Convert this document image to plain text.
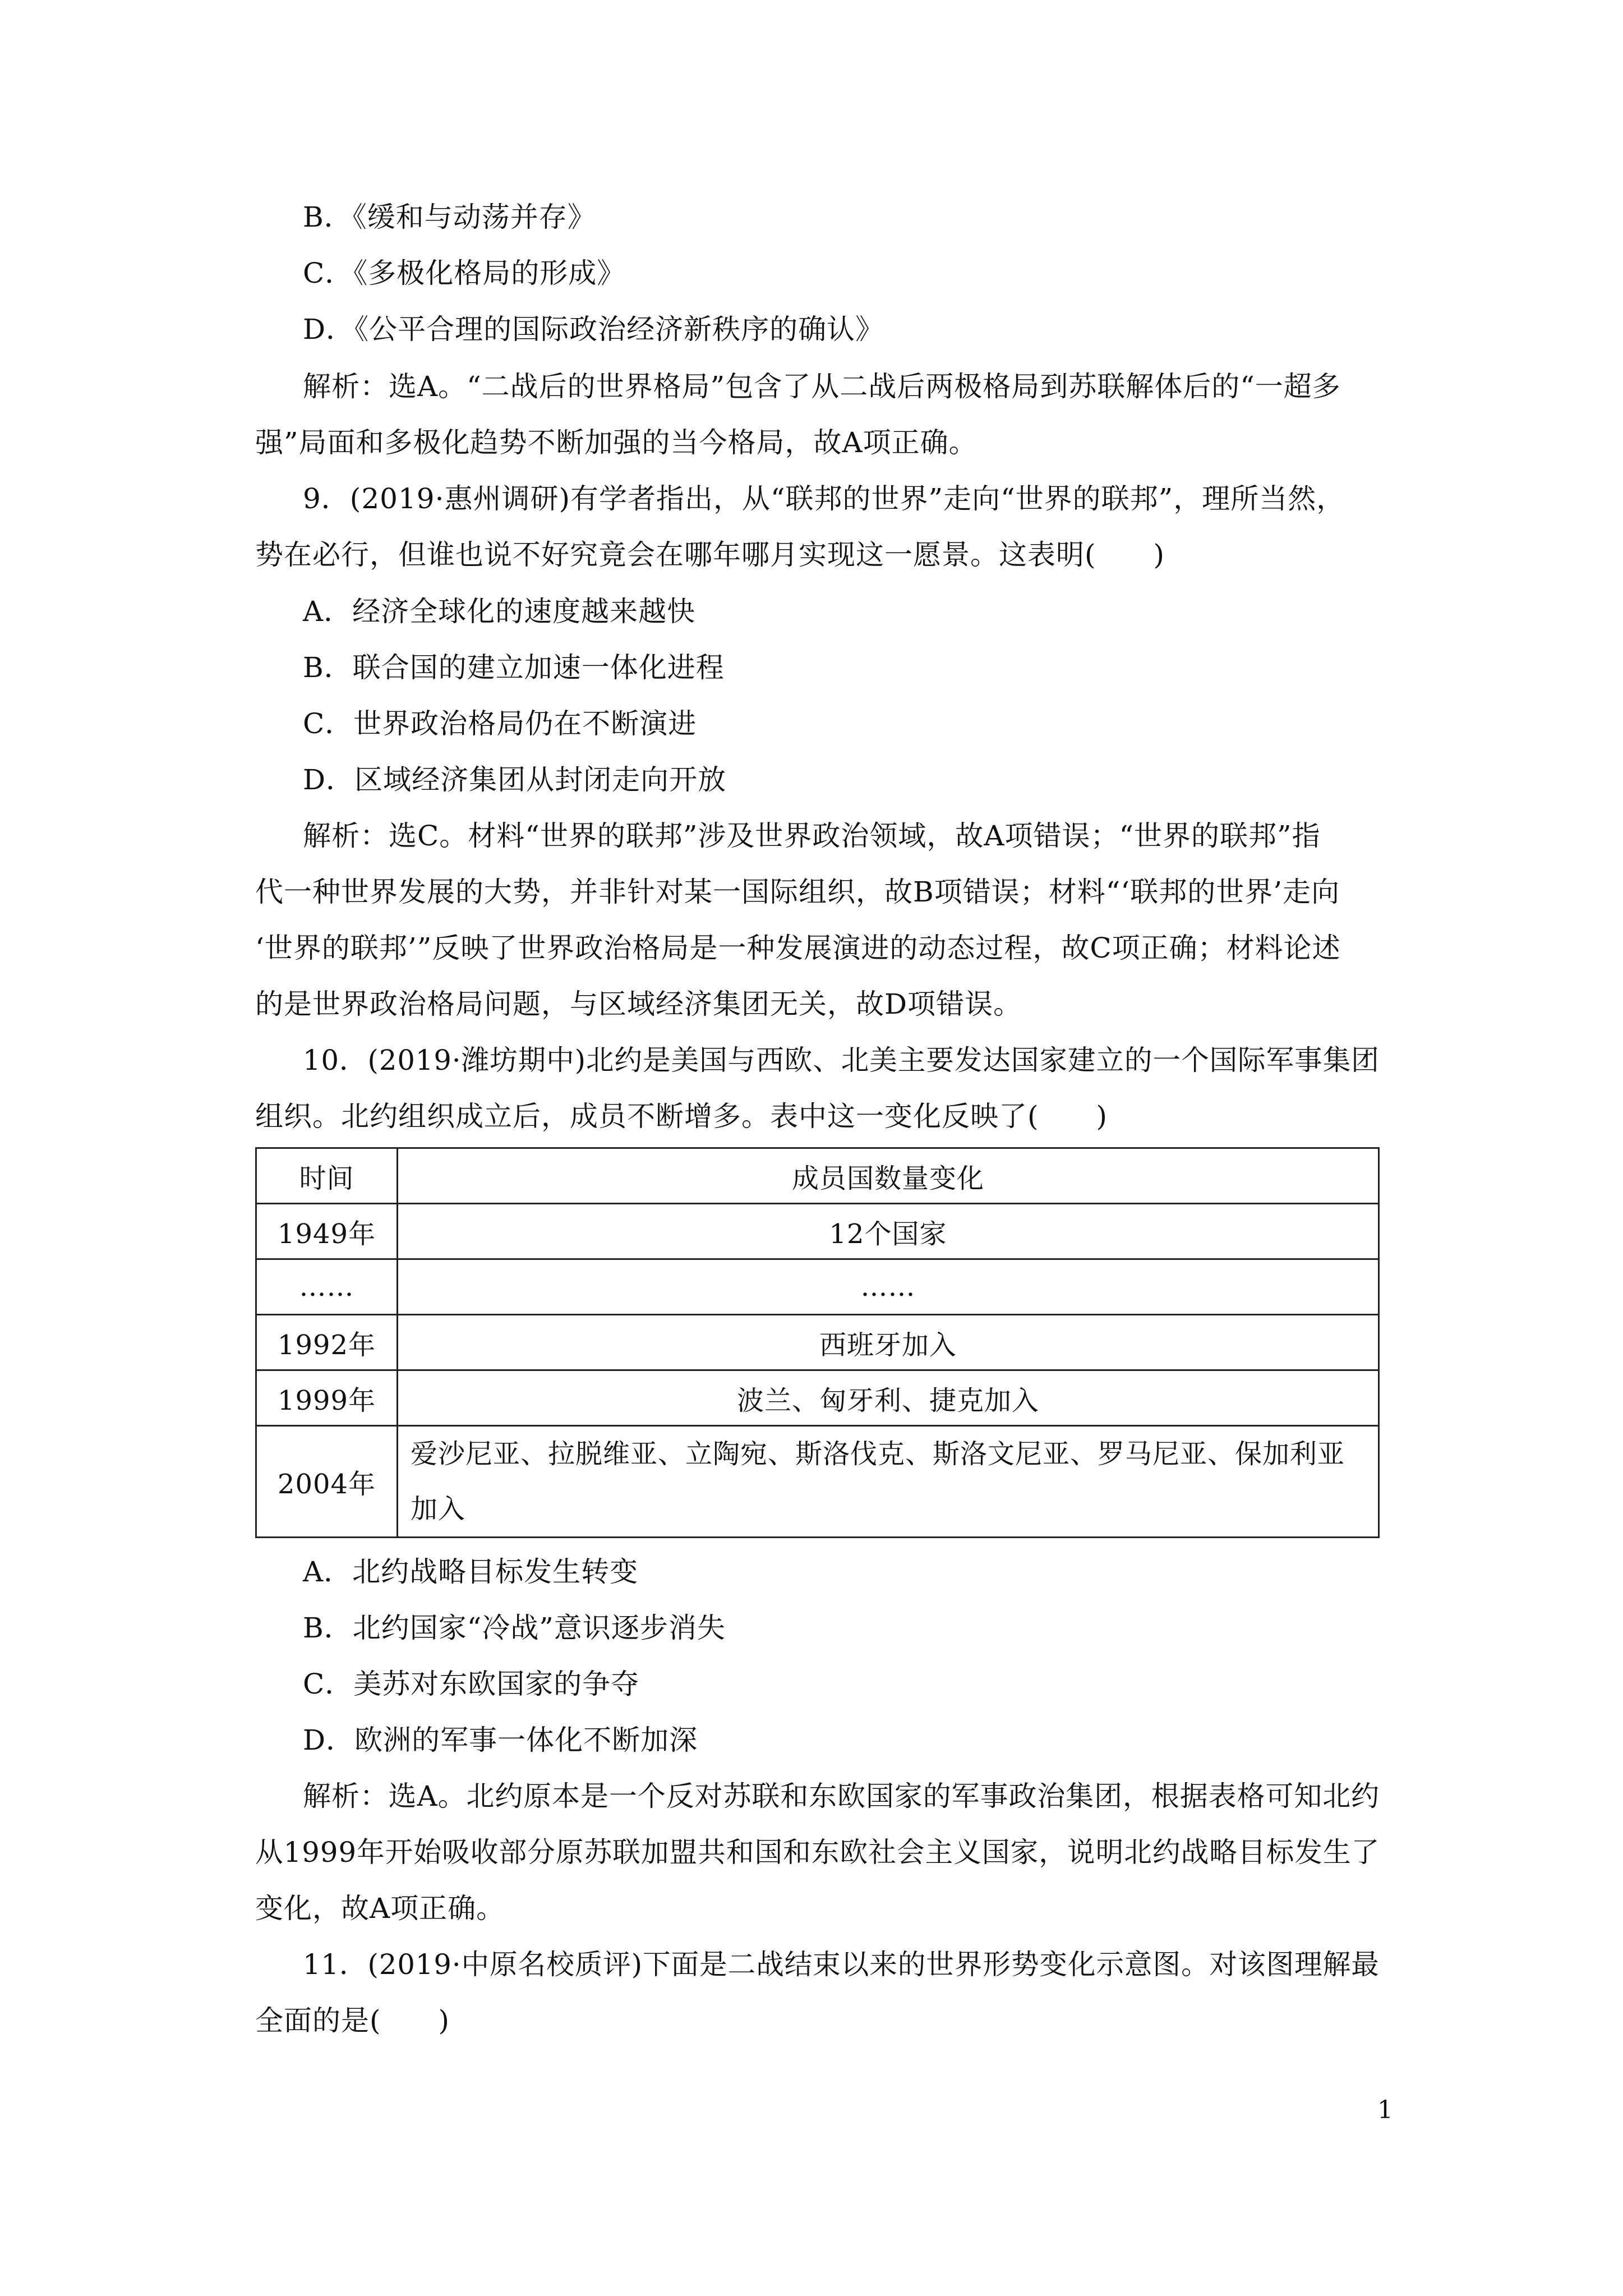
B．《缓和与动荡并存》
C．《多极化格局的形成》
D．《公平合理的国际政治经济新秩序的确认》
解析：选A。“二战后的世界格局”包含了从二战后两极格局到苏联解体后的“一超多
强”局面和多极化趋势不断加强的当今格局，故A项正确。
9．(2019·惠州调研)有学者指出，从“联邦的世界”走向“世界的联邦”，理所当然，
势在必行，但谁也说不好究竟会在哪年哪月实现这一愿景。这表明(　　)
A．经济全球化的速度越来越快
B．联合国的建立加速一体化进程
C．世界政治格局仍在不断演进
D．区域经济集团从封闭走向开放
解析：选C。材料“世界的联邦”涉及世界政治领域，故A项错误；“世界的联邦”指
代一种世界发展的大势，并非针对某一国际组织，故B项错误；材料“‘联邦的世界’走向
‘世界的联邦’”反映了世界政治格局是一种发展演进的动态过程，故C项正确；材料论述
的是世界政治格局问题，与区域经济集团无关，故D项错误。
10．(2019·潍坊期中)北约是美国与西欧、北美主要发达国家建立的一个国际军事集团
组织。北约组织成立后，成员不断增多。表中这一变化反映了(　　)
时间	成员国数量变化
1949年	12个国家
……	……
1992年	西班牙加入
1999年	波兰、匈牙利、捷克加入
2004年	爱沙尼亚、拉脱维亚、立陶宛、斯洛伐克、斯洛文尼亚、罗马尼亚、保加利亚加入
A．北约战略目标发生转变
B．北约国家“冷战”意识逐步消失
C．美苏对东欧国家的争夺
D．欧洲的军事一体化不断加深
解析：选A。北约原本是一个反对苏联和东欧国家的军事政治集团，根据表格可知北约
从1999年开始吸收部分原苏联加盟共和国和东欧社会主义国家，说明北约战略目标发生了
变化，故A项正确。
11．(2019·中原名校质评)下面是二战结束以来的世界形势变化示意图。对该图理解最
全面的是(　　)
1
